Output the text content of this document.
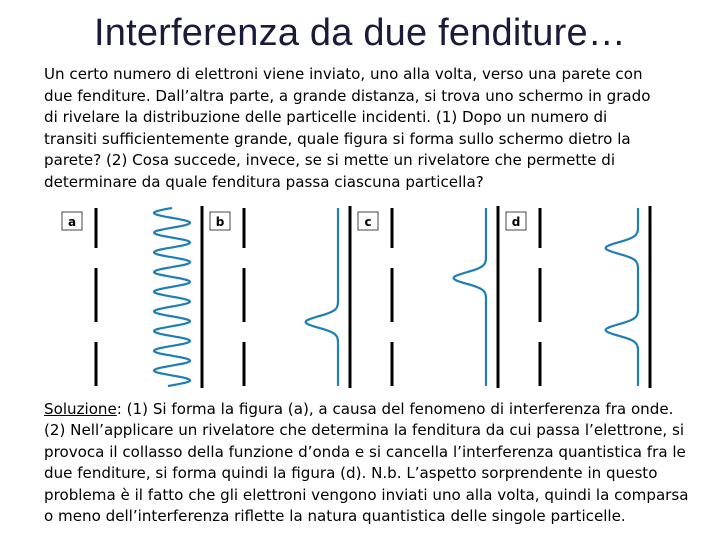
Interferenza da due fenditure…
Un certo numero di elettroni viene inviato, uno alla volta, verso una parete con
due fenditure. Dall’altra parte, a grande distanza, si trova uno schermo in grado
di rivelare la distribuzione delle particelle incidenti. (1) Dopo un numero di
transiti sufficientemente grande, quale figura si forma sullo schermo dietro la
parete? (2) Cosa succede, invece, se si mette un rivelatore che permette di
determinare da quale fenditura passa ciascuna particella?
a	b	c	d
Soluzione: (1) Si forma la figura (a), a causa del fenomeno di interferenza fra onde.
(2) Nell’applicare un rivelatore che determina la fenditura da cui passa l’elettrone, si
provoca il collasso della funzione d’onda e si cancella l’interferenza quantistica fra le
due fenditure, si forma quindi la figura (d). N.b. L’aspetto sorprendente in questo
problema è il fatto che gli elettroni vengono inviati uno alla volta, quindi la comparsa
o meno dell’interferenza riflette la natura quantistica delle singole particelle.
